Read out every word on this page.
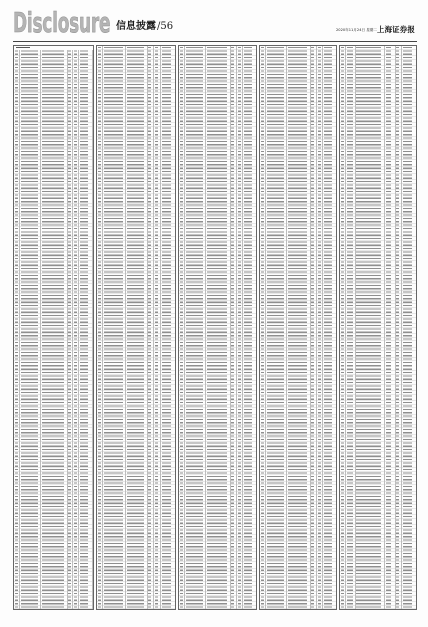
Disclosure 信息披露/56	2020年11月24日 星期二 上海证券报
